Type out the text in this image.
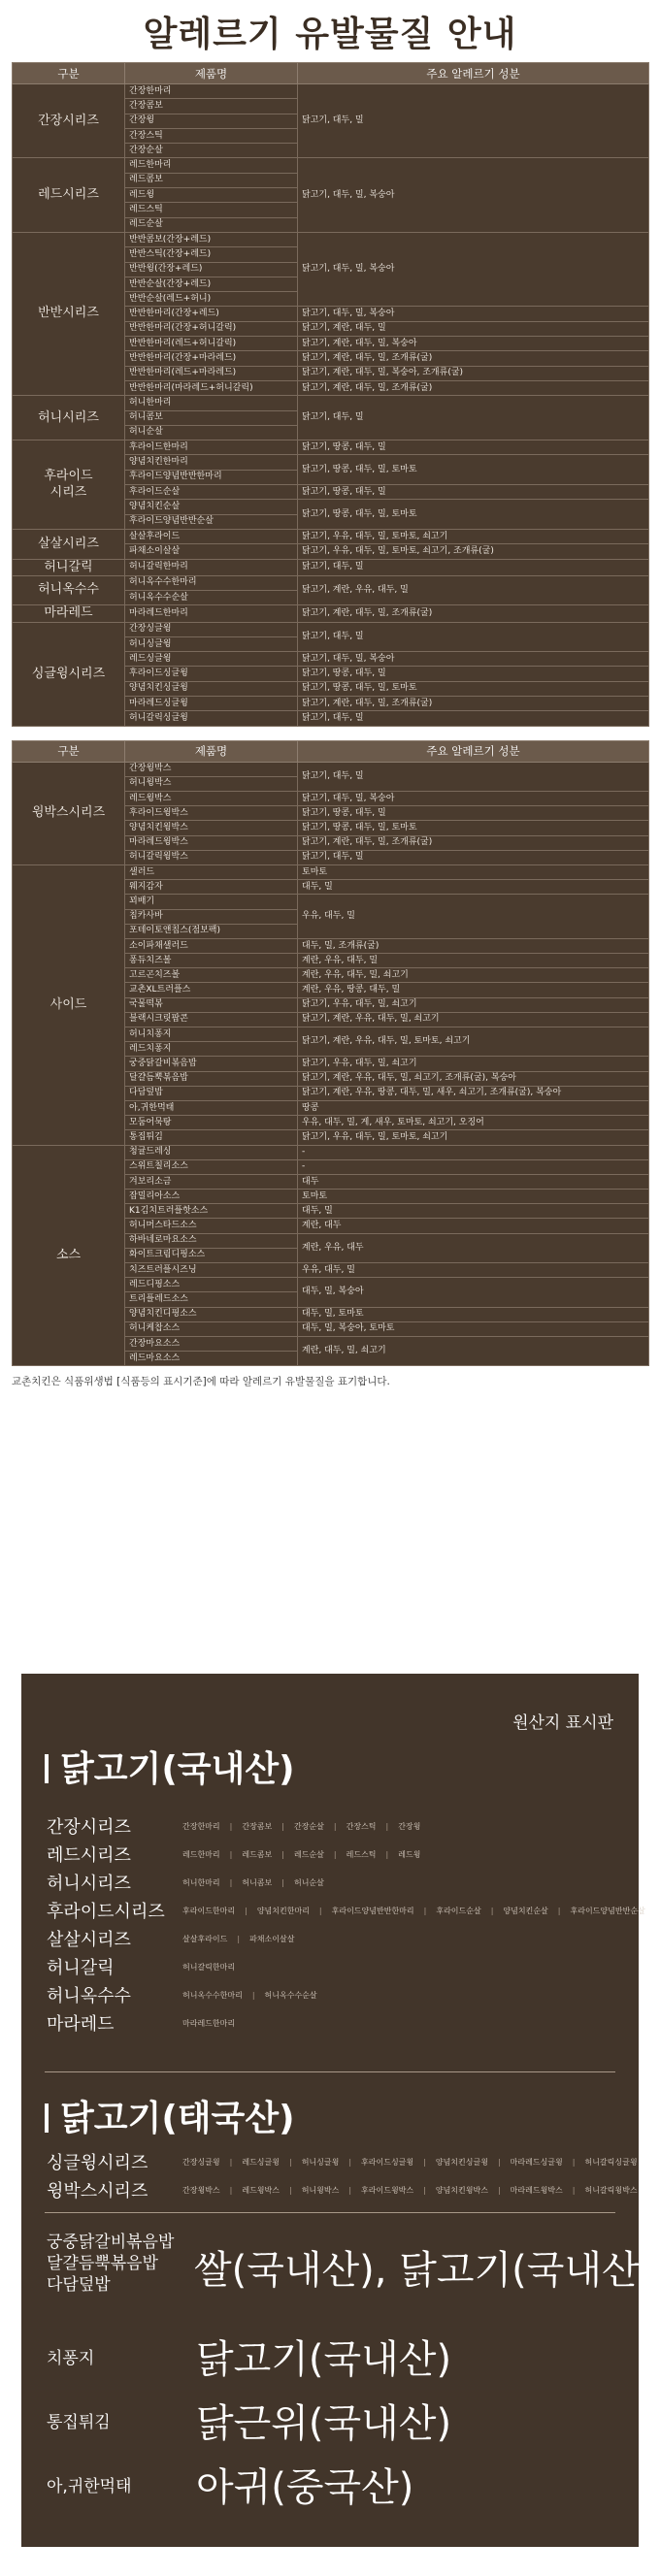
알레르기 유발물질 안내
구분	제품명	주요 알레르기 성분
간장시리즈	간장한마리	닭고기, 대두, 밀
	간장콤보	
	간장윙	
	간장스틱	
	간장순살	
레드시리즈	레드한마리	닭고기, 대두, 밀, 복숭아
	레드콤보	
	레드윙	
	레드스틱	
	레드순살	
반반시리즈	반반콤보(간장+레드)	닭고기, 대두, 밀, 복숭아
	반반스틱(간장+레드)	
	반반윙(간장+레드)	
	반반순살(간장+레드)	
	반반순살(레드+허니)	
	반반한마리(간장+레드)	닭고기, 대두, 밀, 복숭아
	반반한마리(간장+허니갈릭)	닭고기, 계란, 대두, 밀
	반반한마리(레드+허니갈릭)	닭고기, 계란, 대두, 밀, 복숭아
	반반한마리(간장+마라레드)	닭고기, 계란, 대두, 밀, 조개류(굴)
	반반한마리(레드+마라레드)	닭고기, 계란, 대두, 밀, 복숭아, 조개류(굴)
	반반한마리(마라레드+허니갈릭)	닭고기, 계란, 대두, 밀, 조개류(굴)
허니시리즈	허니한마리	닭고기, 대두, 밀
	허니콤보	
	허니순살	
후라이드
시리즈	후라이드한마리	닭고기, 땅콩, 대두, 밀
	양념치킨한마리	닭고기, 땅콩, 대두, 밀, 토마토
	후라이드양념반반한마리	
	후라이드순살	닭고기, 땅콩, 대두, 밀
	양념치킨순살	닭고기, 땅콩, 대두, 밀, 토마토
	후라이드양념반반순살	
살살시리즈	살살후라이드	닭고기, 우유, 대두, 밀, 토마토, 쇠고기
	파채소이살살	닭고기, 우유, 대두, 밀, 토마토, 쇠고기, 조개류(굴)
허니갈릭	허니갈릭한마리	닭고기, 대두, 밀
허니옥수수	허니옥수수한마리	닭고기, 계란, 우유, 대두, 밀
	허니옥수수순살	
마라레드	마라레드한마리	닭고기, 계란, 대두, 밀, 조개류(굴)
싱글윙시리즈	간장싱글윙	닭고기, 대두, 밀
	허니싱글윙	
	레드싱글윙	닭고기, 대두, 밀, 복숭아
	후라이드싱글윙	닭고기, 땅콩, 대두, 밀
	양념치킨싱글윙	닭고기, 땅콩, 대두, 밀, 토마토
	마라레드싱글윙	닭고기, 계란, 대두, 밀, 조개류(굴)
	허니갈릭싱글윙	닭고기, 대두, 밀
구분	제품명	주요 알레르기 성분
윙박스시리즈	간장윙박스	닭고기, 대두, 밀
	허니윙박스	
	레드윙박스	닭고기, 대두, 밀, 복숭아
	후라이드윙박스	닭고기, 땅콩, 대두, 밀
	양념치킨윙박스	닭고기, 땅콩, 대두, 밀, 토마토
	마라레드윙박스	닭고기, 계란, 대두, 밀, 조개류(굴)
	허니갈릭윙박스	닭고기, 대두, 밀
사이드	샐러드	토마토
	웨지감자	대두, 밀
	꾀배기	우유, 대두, 밀
	칩카사바	
	포테이토앤칩스(점보팩)	
	소이파채샐러드	대두, 밀, 조개류(굴)
	퐁듀치즈볼	계란, 우유, 대두, 밀
	고르곤치즈볼	계란, 우유, 대두, 밀, 쇠고기
	교촌XL트러플스	계란, 우유, 땅콩, 대두, 밀
	국물떡볶	닭고기, 우유, 대두, 밀, 쇠고기
	블랙시크릿팝콘	닭고기, 계란, 우유, 대두, 밀, 쇠고기
	허니치퐁지	닭고기, 계란, 우유, 대두, 밀, 토마토, 쇠고기
	레드치퐁지	
	궁중닭갈비볶음밥	닭고기, 우유, 대두, 밀, 쇠고기
	달걀듬뿍볶음밥	닭고기, 계란, 우유, 대두, 밀, 쇠고기, 조개류(굴), 복숭아
	다담덮밥	닭고기, 계란, 우유, 땅콩, 대두, 밀, 새우, 쇠고기, 조개류(굴), 복숭아
	아,귀한먹태	땅콩
	모둠어묵탕	우유, 대두, 밀, 게, 새우, 토마토, 쇠고기, 오징어
	통집튀김	닭고기, 우유, 대두, 밀, 토마토, 쇠고기
소스	청귤드레싱	-
	스위트칠리소스	-
	겨보리소금	대두
	잡밀리아소스	토마토
	K1김치트러플핫소스	대두, 밀
	허니머스타드소스	계란, 대두
	하바네로마요소스	계란, 우유, 대두
	화이트크림디핑소스	
	치즈트러플시즈닝	우유, 대두, 밀
	레드디핑소스	대두, 밀, 복숭아
	트리플레드소스	
	양념치킨디핑소스	대두, 밀, 토마토
	허니케찹소스	대두, 밀, 복숭아, 토마토
	간장마요소스	계란, 대두, 밀, 쇠고기
	레드마요소스	
교촌치킨은 식품위생법 [식품등의 표시기준]에 따라 알레르기 유발물질을 표기합니다.
원산지 표시판
닭고기(국내산)
간장시리즈	간장한마리 | 간장콤보 | 간장순살 | 간장스틱 | 간장윙
레드시리즈	레드한마리 | 레드콤보 | 레드순살 | 레드스틱 | 레드윙
허니시리즈	허니한마리 | 허니콤보 | 허니순살
후라이드시리즈	후라이드한마리 | 양념치킨한마리 | 후라이드양념반반한마리 | 후라이드순살 | 양념치킨순살 | 후라이드양념반반순살
살살시리즈	살살후라이드 | 파채소이살살
허니갈릭	허니갈릭한마리
허니옥수수	허니옥수수한마리 | 허니옥수수순살
마라레드	마라레드한마리
닭고기(태국산)
싱글윙시리즈	간장싱글윙 | 레드싱글윙 | 허니싱글윙 | 후라이드싱글윙 | 양념치킨싱글윙 | 마라레드싱글윙 | 허니갈릭싱글윙
윙박스시리즈	간장윙박스 | 레드윙박스 | 허니윙박스 | 후라이드윙박스 | 양념치킨윙박스 | 마라레드윙박스 | 허니갈릭윙박스
궁중닭갈비볶음밥
달걀듬뿍볶음밥
다담덮밥	쌀(국내산), 닭고기(국내산)
치퐁지	닭고기(국내산)
통집튀김	닭근위(국내산)
아,귀한먹태	아귀(중국산)
